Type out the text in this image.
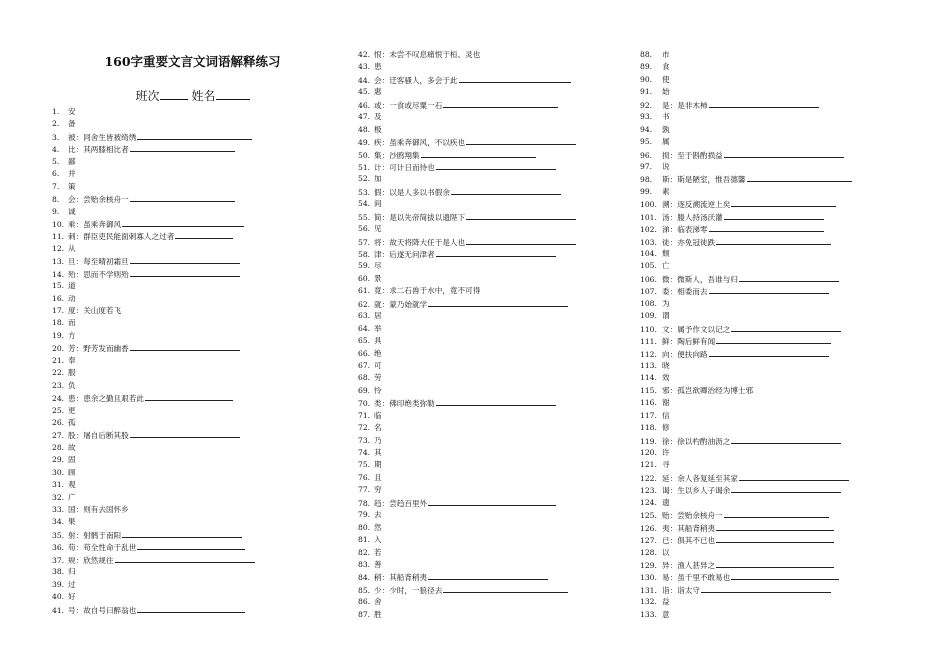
160字重要文言文词语解释练习
班次	姓名
1. 安
2. 备
3. 被：同舍生皆被绮绣
4. 比：其两膝相比者
5. 鄙
6. 并
7. 策
8. 会：尝贻余核舟一
9. 诚
10. 乘：虽乘奔御风
11. 刺：群臣吏民能面刺寡人之过者
12. 从
13. 旦：每至晴初霜旦
14. 殆：思而不学则殆
15. 道
16. 动
17. 度：关山度若飞
18. 而
19. 方
20. 芳：野芳发而幽香
21. 奉
22. 服
23. 负
24. 患：患余之勤且艰若此
25. 更
26. 孤
27. 股：屠自后断其股
28. 故
29. 固
30. 顾
31. 观
32. 广
33. 国：则有去国怀乡
34. 果
35. 射：射鹘于南阳
36. 苟：苟全性命于乱世
37. 规：欣然规往
38. 归
39. 过
40. 好
41. 号：故自号曰醉翁也
42. 恨：未尝不叹息痛恨于桓、灵也
43. 患
44. 会：迁客骚人，多会于此
45. 惠
46. 或：一食或尽粟一石
47. 及
48. 极
49. 疾：虽乘奔御风，不以疾也
50. 集：沙鸥翔集
51. 计：可计日而待也
52. 加
53. 假：以是人多以书假余
54. 间
55. 简：是以先帝简拔以遗陛下
56. 见
57. 将：故天将降大任于是人也
58. 津：后遂无问津者
59. 尽
60. 景
61. 竟：求二石兽于水中，竟不可得
62. 就：蒙乃始就学
63. 居
64. 举
65. 具
66. 绝
67. 可
68. 劳
69. 怜
70. 类：佛印绝类弥勒
71. 临
72. 名
73. 乃
74. 其
75. 期
76. 且
77. 穷
78. 趋：尝趋百里外
79. 去
80. 然
81. 入
82. 若
83. 善
84. 稍：其船背稍夷
85. 少：少时，一狼径去
86. 舍
87. 胜
88. 市
89. 食
90. 使
91. 始
92. 是：是非木柿
93. 书
94. 孰
95. 属
96. 损：至于斟酌损益
97. 说
98. 斯：斯是陋室，惟吾德馨
99. 素
100. 溯：逐反溯流逆上矣
101. 汤：媵人持汤沃灌
102. 涕：临表涕零
103. 徒：亦免冠徒跌
104. 颓
105. 亡
106. 微：微斯人，吾谁与归
107. 委：相委而去
108. 为
109. 谓
110. 文：属予作文以记之
111. 鲜：陶后鲜有闻
112. 向：便扶向路
113. 晓
114. 效
115. 邪：孤岂欲卿治经为博士邪
116. 谢
117. 信
118. 修
119. 徐：徐以杓酌油沥之
120. 许
121. 寻
122. 延：余人各复延至其家
123. 谒：生以乡人子谒余
124. 遗
125. 贻：尝贻余核舟一
126. 夷：其船背稍夷
127. 已：俱其不已也
128. 以
129. 异：渔人甚异之
130. 易：虽千里不敢易也
131. 诣：诣太守
132. 益
133. 意
